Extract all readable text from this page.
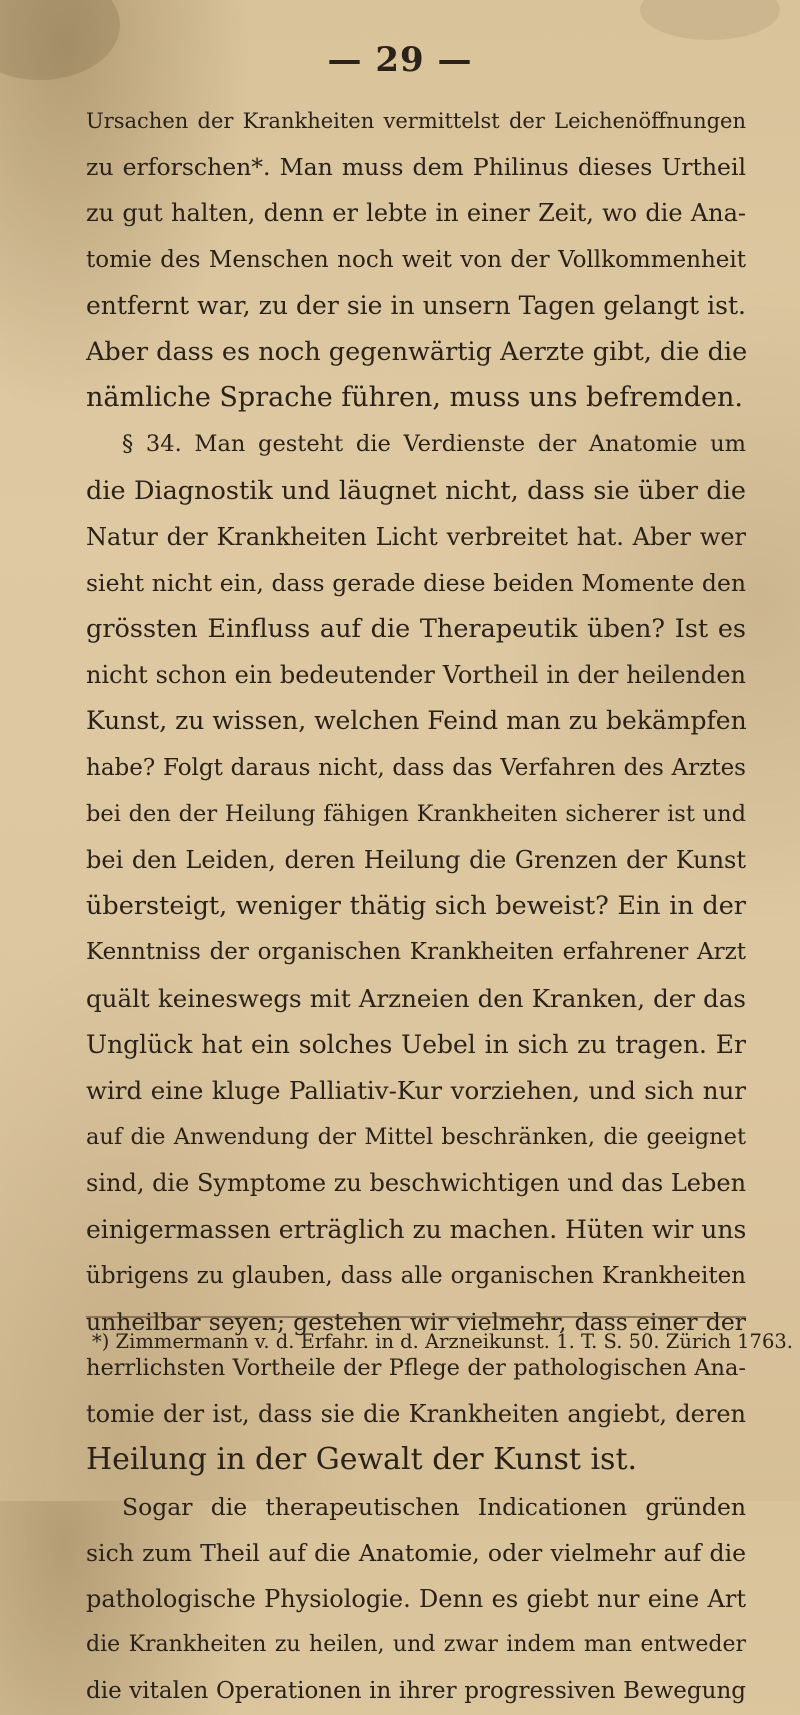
— 29 —
Ursachen der Krankheiten vermittelst der Leichenöffnungen
zu erforschen*. Man muss dem Philinus dieses Urtheil
zu gut halten, denn er lebte in einer Zeit, wo die Ana-
tomie des Menschen noch weit von der Vollkommenheit
entfernt war, zu der sie in unsern Tagen gelangt ist.
Aber dass es noch gegenwärtig Aerzte gibt, die die
nämliche Sprache führen, muss uns befremden.
§ 34. Man gesteht die Verdienste der Anatomie um
die Diagnostik und läugnet nicht, dass sie über die
Natur der Krankheiten Licht verbreitet hat. Aber wer
sieht nicht ein, dass gerade diese beiden Momente den
grössten Einfluss auf die Therapeutik üben? Ist es
nicht schon ein bedeutender Vortheil in der heilenden
Kunst, zu wissen, welchen Feind man zu bekämpfen
habe? Folgt daraus nicht, dass das Verfahren des Arztes
bei den der Heilung fähigen Krankheiten sicherer ist und
bei den Leiden, deren Heilung die Grenzen der Kunst
übersteigt, weniger thätig sich beweist? Ein in der
Kenntniss der organischen Krankheiten erfahrener Arzt
quält keineswegs mit Arzneien den Kranken, der das
Unglück hat ein solches Uebel in sich zu tragen. Er
wird eine kluge Palliativ-Kur vorziehen, und sich nur
auf die Anwendung der Mittel beschränken, die geeignet
sind, die Symptome zu beschwichtigen und das Leben
einigermassen erträglich zu machen. Hüten wir uns
übrigens zu glauben, dass alle organischen Krankheiten
unheilbar seyen; gestehen wir vielmehr, dass einer der
herrlichsten Vortheile der Pflege der pathologischen Ana-
tomie der ist, dass sie die Krankheiten angiebt, deren
Heilung in der Gewalt der Kunst ist.
Sogar die therapeutischen Indicationen gründen
sich zum Theil auf die Anatomie, oder vielmehr auf die
pathologische Physiologie. Denn es giebt nur eine Art
die Krankheiten zu heilen, und zwar indem man entweder
die vitalen Operationen in ihrer progressiven Bewegung
*) Zimmermann v. d. Erfahr. in d. Arzneikunst. 1. T. S. 50. Zürich 1763.
